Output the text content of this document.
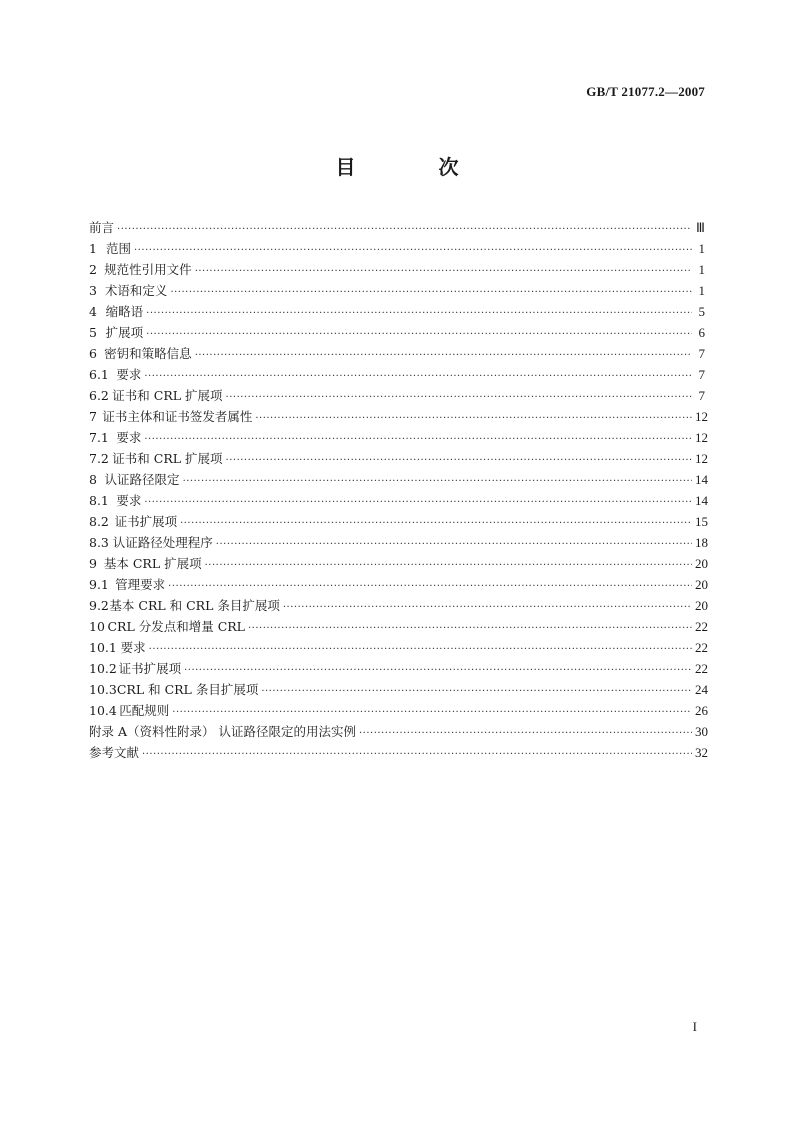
GB/T 21077.2—2007
目 次
前言 ·····	Ⅲ
1 范围 ·····	1
2 规范性引用文件 ·····	1
3 术语和定义 ·····	1
4 缩略语 ·····	5
5 扩展项 ·····	6
6 密钥和策略信息 ·····	7
6.1 要求 ·····	7
6.2 证书和 CRL 扩展项 ·····	7
7 证书主体和证书签发者属性 ·····	12
7.1 要求 ·····	12
7.2 证书和 CRL 扩展项 ·····	12
8 认证路径限定 ·····	14
8.1 要求 ·····	14
8.2 证书扩展项 ·····	15
8.3 认证路径处理程序 ·····	18
9 基本 CRL 扩展项 ·····	20
9.1 管理要求 ·····	20
9.2 基本 CRL 和 CRL 条目扩展项 ·····	20
10 CRL 分发点和增量 CRL ·····	22
10.1 要求 ·····	22
10.2 证书扩展项 ·····	22
10.3 CRL 和 CRL 条目扩展项 ·····	24
10.4 匹配规则 ·····	26
附录 A（资料性附录） 认证路径限定的用法实例 ·····	30
参考文献 ·····	32
I
